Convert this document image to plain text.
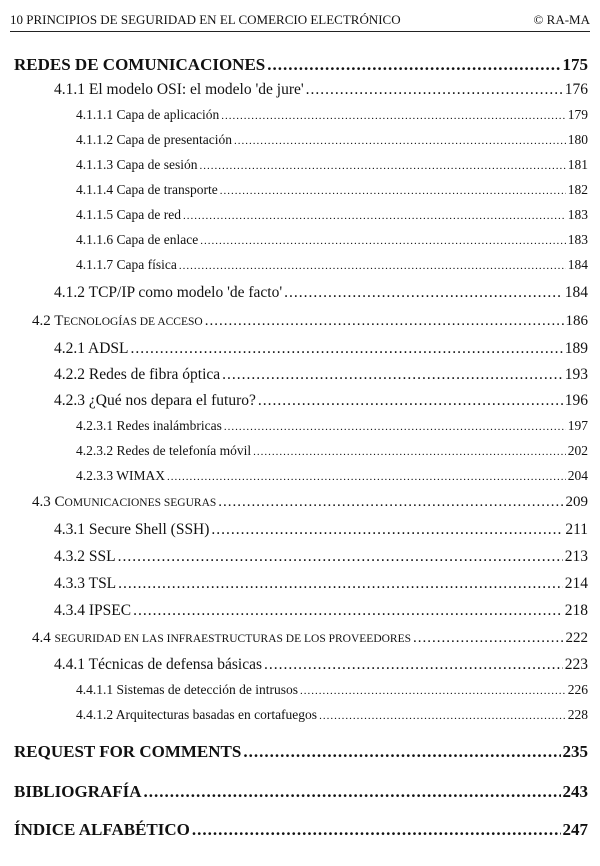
10 PRINCIPIOS DE SEGURIDAD EN EL COMERCIO ELECTRÓNICO	© RA-MA
REDES DE COMUNICACIONES .....	175
4.1.1 El modelo OSI: el modelo 'de jure' .....	176
4.1.1.1 Capa de aplicación .....	179
4.1.1.2 Capa de presentación .....	180
4.1.1.3 Capa de sesión .....	181
4.1.1.4 Capa de transporte .....	182
4.1.1.5 Capa de red .....	183
4.1.1.6 Capa de enlace .....	183
4.1.1.7 Capa física .....	184
4.1.2 TCP/IP como modelo 'de facto' .....	184
4.2 TECNOLOGÍAS DE ACCESO .....	186
4.2.1 ADSL .....	189
4.2.2 Redes de fibra óptica .....	193
4.2.3 ¿Qué nos depara el futuro? .....	196
4.2.3.1 Redes inalámbricas .....	197
4.2.3.2 Redes de telefonía móvil .....	202
4.2.3.3 WIMAX .....	204
4.3 COMUNICACIONES SEGURAS .....	209
4.3.1 Secure Shell (SSH) .....	211
4.3.2 SSL .....	213
4.3.3 TSL .....	214
4.3.4 IPSEC .....	218
4.4 SEGURIDAD EN LAS INFRAESTRUCTURAS DE LOS PROVEEDORES .....	222
4.4.1 Técnicas de defensa básicas .....	223
4.4.1.1 Sistemas de detección de intrusos .....	226
4.4.1.2 Arquitecturas basadas en cortafuegos .....	228
REQUEST FOR COMMENTS .....	235
BIBLIOGRAFÍA .....	243
ÍNDICE ALFABÉTICO .....	247
